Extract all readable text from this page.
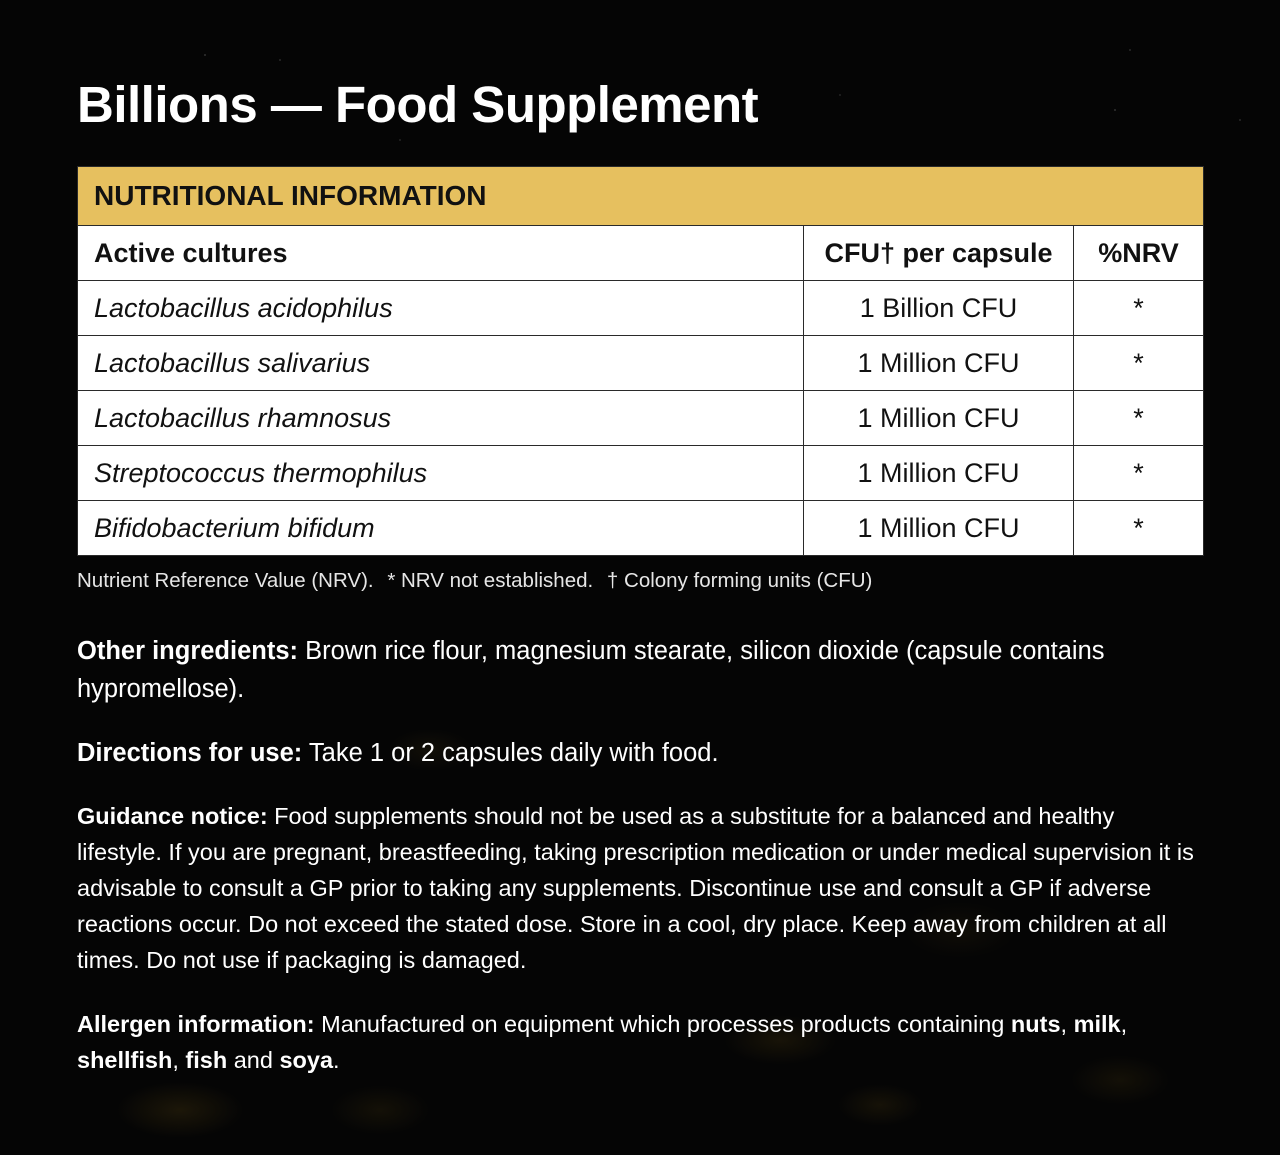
Billions — Food Supplement
NUTRITIONAL INFORMATION		
Active cultures	CFU† per capsule	%NRV
Lactobacillus acidophilus	1 Billion CFU	*
Lactobacillus salivarius	1 Million CFU	*
Lactobacillus rhamnosus	1 Million CFU	*
Streptococcus thermophilus	1 Million CFU	*
Bifidobacterium bifidum	1 Million CFU	*
Nutrient Reference Value (NRV). * NRV not established. † Colony forming units (CFU)

Other ingredients: Brown rice flour, magnesium stearate, silicon dioxide (capsule contains hypromellose).

Directions for use: Take 1 or 2 capsules daily with food.

Guidance notice: Food supplements should not be used as a substitute for a balanced and healthy lifestyle. If you are pregnant, breastfeeding, taking prescription medication or under medical supervision it is advisable to consult a GP prior to taking any supplements. Discontinue use and consult a GP if adverse reactions occur. Do not exceed the stated dose. Store in a cool, dry place. Keep away from children at all times. Do not use if packaging is damaged.

Allergen information: Manufactured on equipment which processes products containing nuts, milk, shellfish, fish and soya.
